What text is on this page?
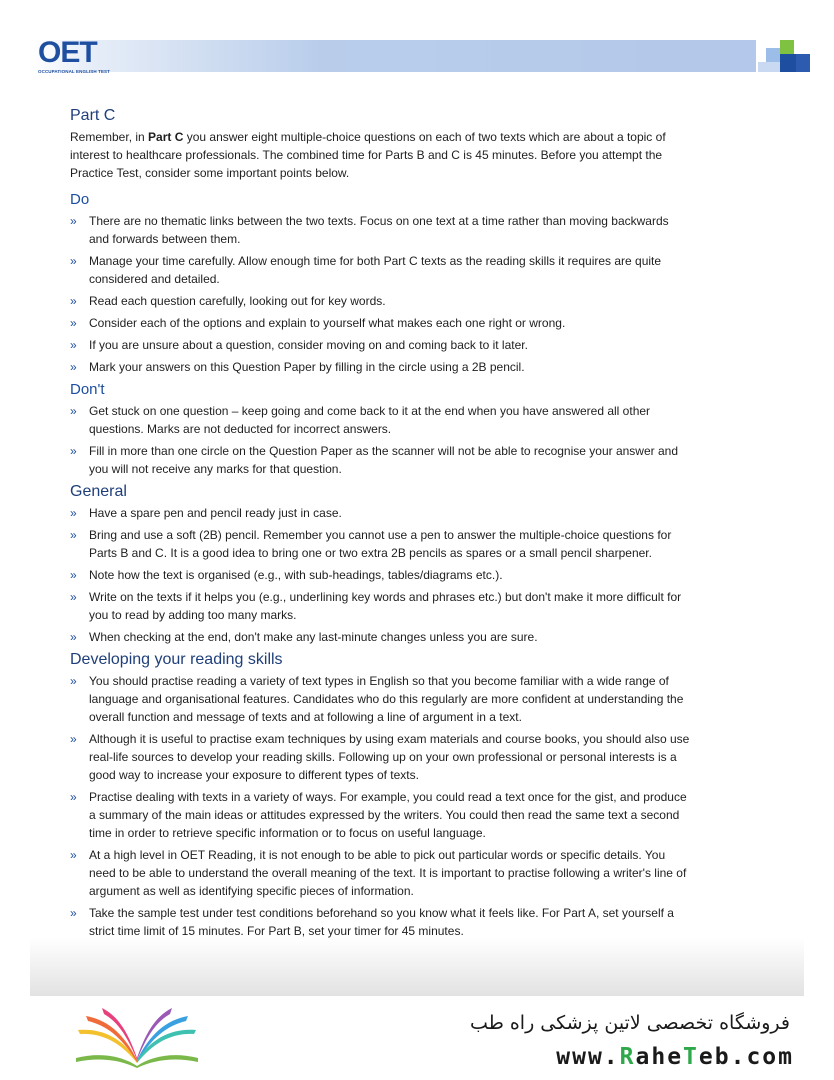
OET
OCCUPATIONAL ENGLISH TEST
Part C

Remember, in Part C you answer eight multiple-choice questions on each of two texts which are about a topic of interest to healthcare professionals. The combined time for Parts B and C is 45 minutes. Before you attempt the Practice Test, consider some important points below.

Do
» There are no thematic links between the two texts. Focus on one text at a time rather than moving backwards and forwards between them.
» Manage your time carefully. Allow enough time for both Part C texts as the reading skills it requires are quite considered and detailed.
» Read each question carefully, looking out for key words.
» Consider each of the options and explain to yourself what makes each one right or wrong.
» If you are unsure about a question, consider moving on and coming back to it later.
» Mark your answers on this Question Paper by filling in the circle using a 2B pencil.
Don't
» Get stuck on one question – keep going and come back to it at the end when you have answered all other questions. Marks are not deducted for incorrect answers.
» Fill in more than one circle on the Question Paper as the scanner will not be able to recognise your answer and you will not receive any marks for that question.
General
» Have a spare pen and pencil ready just in case.
» Bring and use a soft (2B) pencil. Remember you cannot use a pen to answer the multiple-choice questions for Parts B and C. It is a good idea to bring one or two extra 2B pencils as spares or a small pencil sharpener.
» Note how the text is organised (e.g., with sub-headings, tables/diagrams etc.).
» Write on the texts if it helps you (e.g., underlining key words and phrases etc.) but don't make it more difficult for you to read by adding too many marks.
» When checking at the end, don't make any last-minute changes unless you are sure.
Developing your reading skills
» You should practise reading a variety of text types in English so that you become familiar with a wide range of language and organisational features. Candidates who do this regularly are more confident at understanding the overall function and message of texts and at following a line of argument in a text.
» Although it is useful to practise exam techniques by using exam materials and course books, you should also use real-life sources to develop your reading skills. Following up on your own professional or personal interests is a good way to increase your exposure to different types of texts.
» Practise dealing with texts in a variety of ways. For example, you could read a text once for the gist, and produce a summary of the main ideas or attitudes expressed by the writers. You could then read the same text a second time in order to retrieve specific information or to focus on useful language.
» At a high level in OET Reading, it is not enough to be able to pick out particular words or specific details. You need to be able to understand the overall meaning of the text. It is important to practise following a writer's line of argument as well as identifying specific pieces of information.
» Take the sample test under test conditions beforehand so you know what it feels like. For Part A, set yourself a strict time limit of 15 minutes. For Part B, set your timer for 45 minutes.
فروشگاه تخصصی لاتین پزشکی راه طب
www.RaheTeb.com
